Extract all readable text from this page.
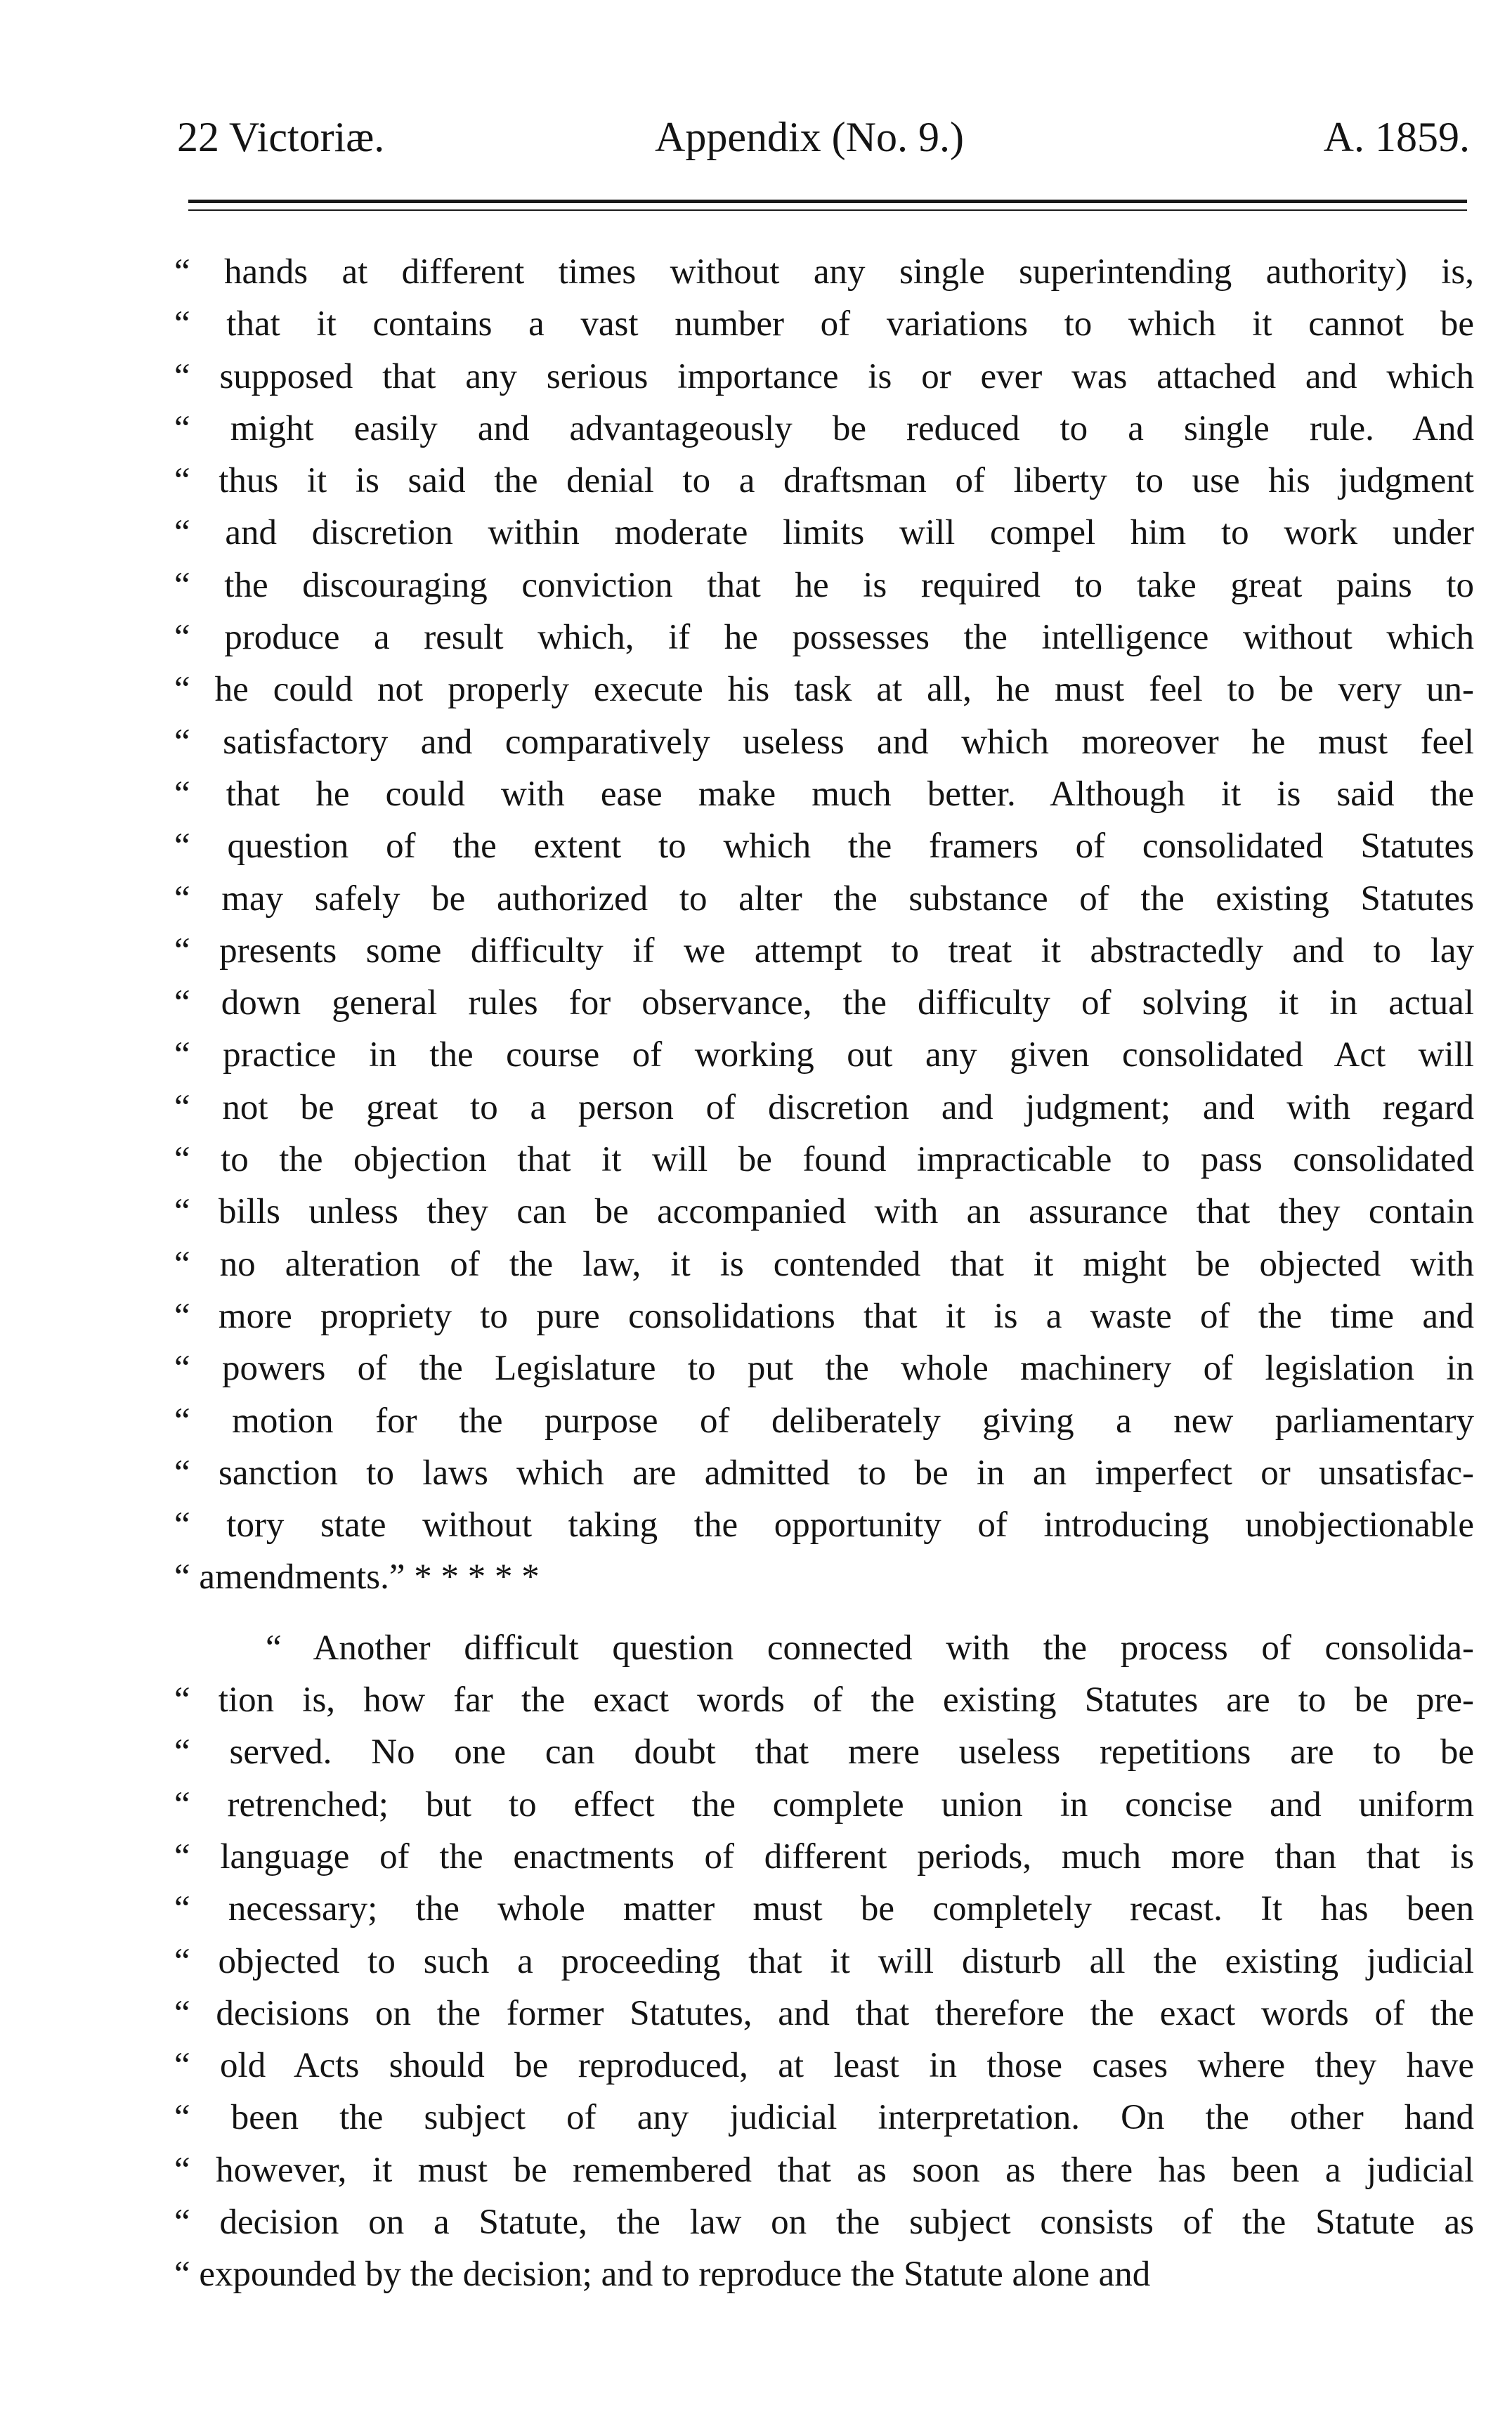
22 Victoriæ.	Appendix (No. 9.)	A. 1859.
“ hands at different times without any single superintending authority) is,
“ that it contains a vast number of variations to which it cannot be
“ supposed that any serious importance is or ever was attached and which
“ might easily and advantageously be reduced to a single rule. And
“ thus it is said the denial to a draftsman of liberty to use his judgment
“ and discretion within moderate limits will compel him to work under
“ the discouraging conviction that he is required to take great pains to
“ produce a result which, if he possesses the intelligence without which
“ he could not properly execute his task at all, he must feel to be very un-
“ satisfactory and comparatively useless and which moreover he must feel
“ that he could with ease make much better. Although it is said the
“ question of the extent to which the framers of consolidated Statutes
“ may safely be authorized to alter the substance of the existing Statutes
“ presents some difficulty if we attempt to treat it abstractedly and to lay
“ down general rules for observance, the difficulty of solving it in actual
“ practice in the course of working out any given consolidated Act will
“ not be great to a person of discretion and judgment; and with regard
“ to the objection that it will be found impracticable to pass consolidated
“ bills unless they can be accompanied with an assurance that they contain
“ no alteration of the law, it is contended that it might be objected with
“ more propriety to pure consolidations that it is a waste of the time and
“ powers of the Legislature to put the whole machinery of legislation in
“ motion for the purpose of deliberately giving a new parliamentary
“ sanction to laws which are admitted to be in an imperfect or unsatisfac-
“ tory state without taking the opportunity of introducing unobjectionable
“ amendments.” * * * * *
“ Another difficult question connected with the process of consolida-
“ tion is, how far the exact words of the existing Statutes are to be pre-
“ served. No one can doubt that mere useless repetitions are to be
“ retrenched; but to effect the complete union in concise and uniform
“ language of the enactments of different periods, much more than that is
“ necessary; the whole matter must be completely recast. It has been
“ objected to such a proceeding that it will disturb all the existing judicial
“ decisions on the former Statutes, and that therefore the exact words of the
“ old Acts should be reproduced, at least in those cases where they have
“ been the subject of any judicial interpretation. On the other hand
“ however, it must be remembered that as soon as there has been a judicial
“ decision on a Statute, the law on the subject consists of the Statute as
“ expounded by the decision; and to reproduce the Statute alone and
